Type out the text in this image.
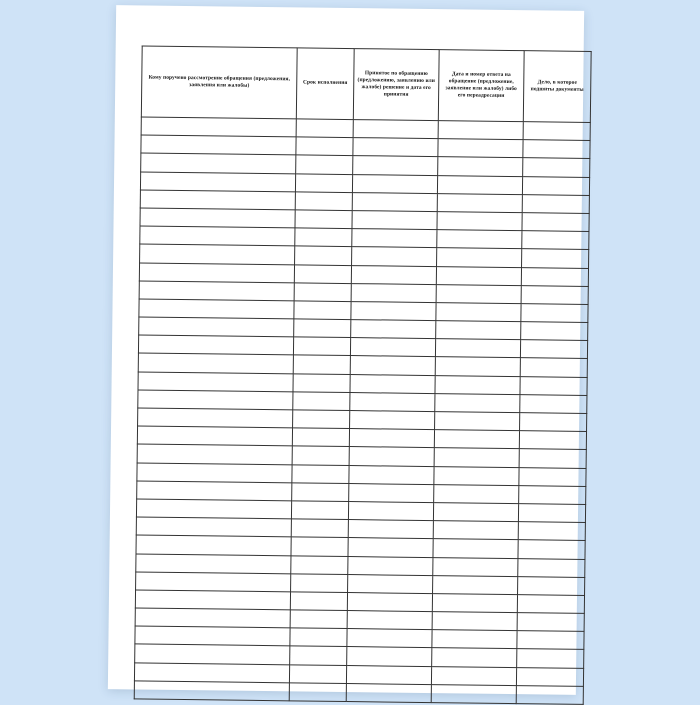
Кому поручено рассмотрение обращения (предложения, заявления или жалобы)	Срок исполнения	Принятое по обращению (предложению, заявлению или жалобе) решение и дата его принятия	Дата и номер ответа на обращение (предложение, заявление или жалобу) либо его переадресации	Дело, в которое подшиты документы
